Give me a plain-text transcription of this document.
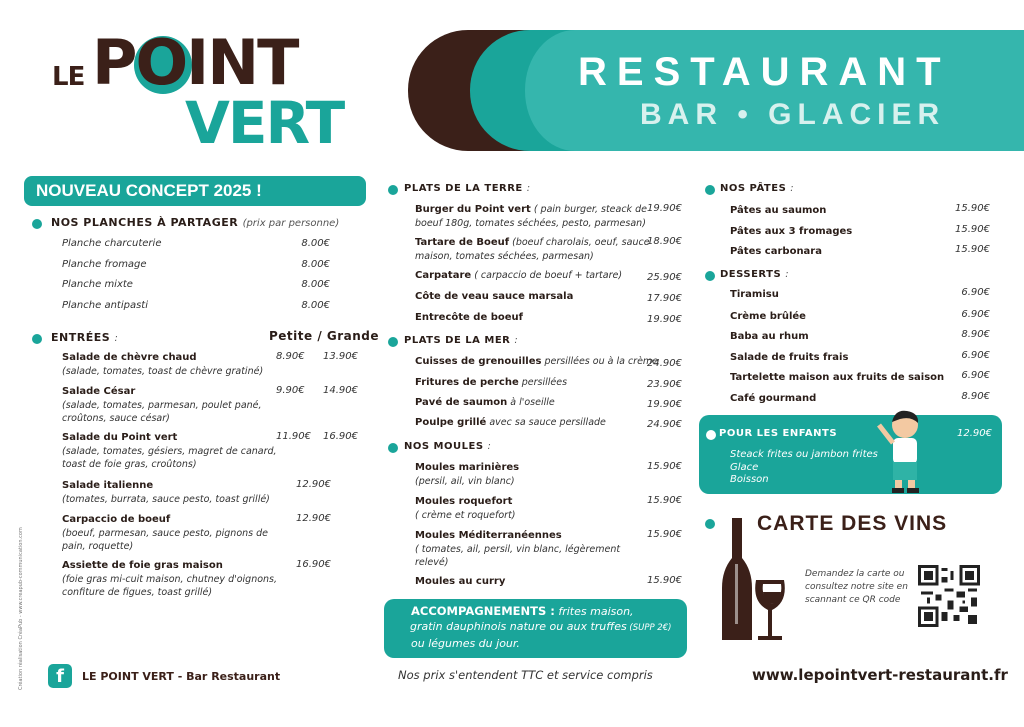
LE POINT
VERT
RESTAURANT
BAR • GLACIER
NOUVEAU CONCEPT 2025 !
NOS PLANCHES À PARTAGER (prix par personne)
Planche charcuterie	8.00€
Planche fromage	8.00€
Planche mixte	8.00€
Planche antipasti	8.00€
ENTRÉES :	Petite / Grande
Salade de chèvre chaud
(salade, tomates, toast de chèvre gratiné)
8.90€ 13.90€
Salade César
(salade, tomates, parmesan, poulet pané,
croûtons, sauce césar)
9.90€ 14.90€
Salade du Point vert
(salade, tomates, gésiers, magret de canard,
toast de foie gras, croûtons)
11.90€ 16.90€
Salade italienne
(tomates, burrata, sauce pesto, toast grillé)
12.90€
Carpaccio de boeuf
(boeuf, parmesan, sauce pesto, pignons de
pain, roquette)
12.90€
Assiette de foie gras maison
(foie gras mi-cuit maison, chutney d'oignons,
confiture de figues, toast grillé)
16.90€
PLATS DE LA TERRE :
Burger du Point vert ( pain burger, steack de
boeuf 180g, tomates séchées, pesto, parmesan)
19.90€
Tartare de Boeuf (boeuf charolais, oeuf, sauce
maison, tomates séchées, parmesan)
18.90€
Carpatare ( carpaccio de boeuf + tartare)	25.90€
Côte de veau sauce marsala	17.90€
Entrecôte de boeuf	19.90€
PLATS DE LA MER :
Cuisses de grenouilles persillées ou à la crème
24.90€
Fritures de perche persillées	23.90€
Pavé de saumon à l'oseille	19.90€
Poulpe grillé avec sa sauce persillade	24.90€
NOS MOULES :
Moules marinières
(persil, ail, vin blanc)
15.90€
Moules roquefort
( crème et roquefort)
15.90€
Moules Méditerranéennes
( tomates, ail, persil, vin blanc, légèrement
relevé)
15.90€
Moules au curry	15.90€
ACCOMPAGNEMENTS : frites maison,
gratin dauphinois nature ou aux truffes (SUPP 2€)
ou légumes du jour.
NOS PÂTES :
Pâtes au saumon	15.90€
Pâtes aux 3 fromages	15.90€
Pâtes carbonara	15.90€
DESSERTS :
Tiramisu	6.90€
Crème brûlée	6.90€
Baba au rhum	8.90€
Salade de fruits frais	6.90€
Tartelette maison aux fruits de saison	6.90€
Café gourmand	8.90€
POUR LES ENFANTS	12.90€
Steack frites ou jambon frites
Glace
Boisson
CARTE DES VINS
Demandez la carte ou
consultez notre site en
scannant ce QR code
f	LE POINT VERT - Bar Restaurant	Nos prix s'entendent TTC et service compris	www.lepointvert-restaurant.fr
Création réalisation CréaPub - www.creapub-communication.com
